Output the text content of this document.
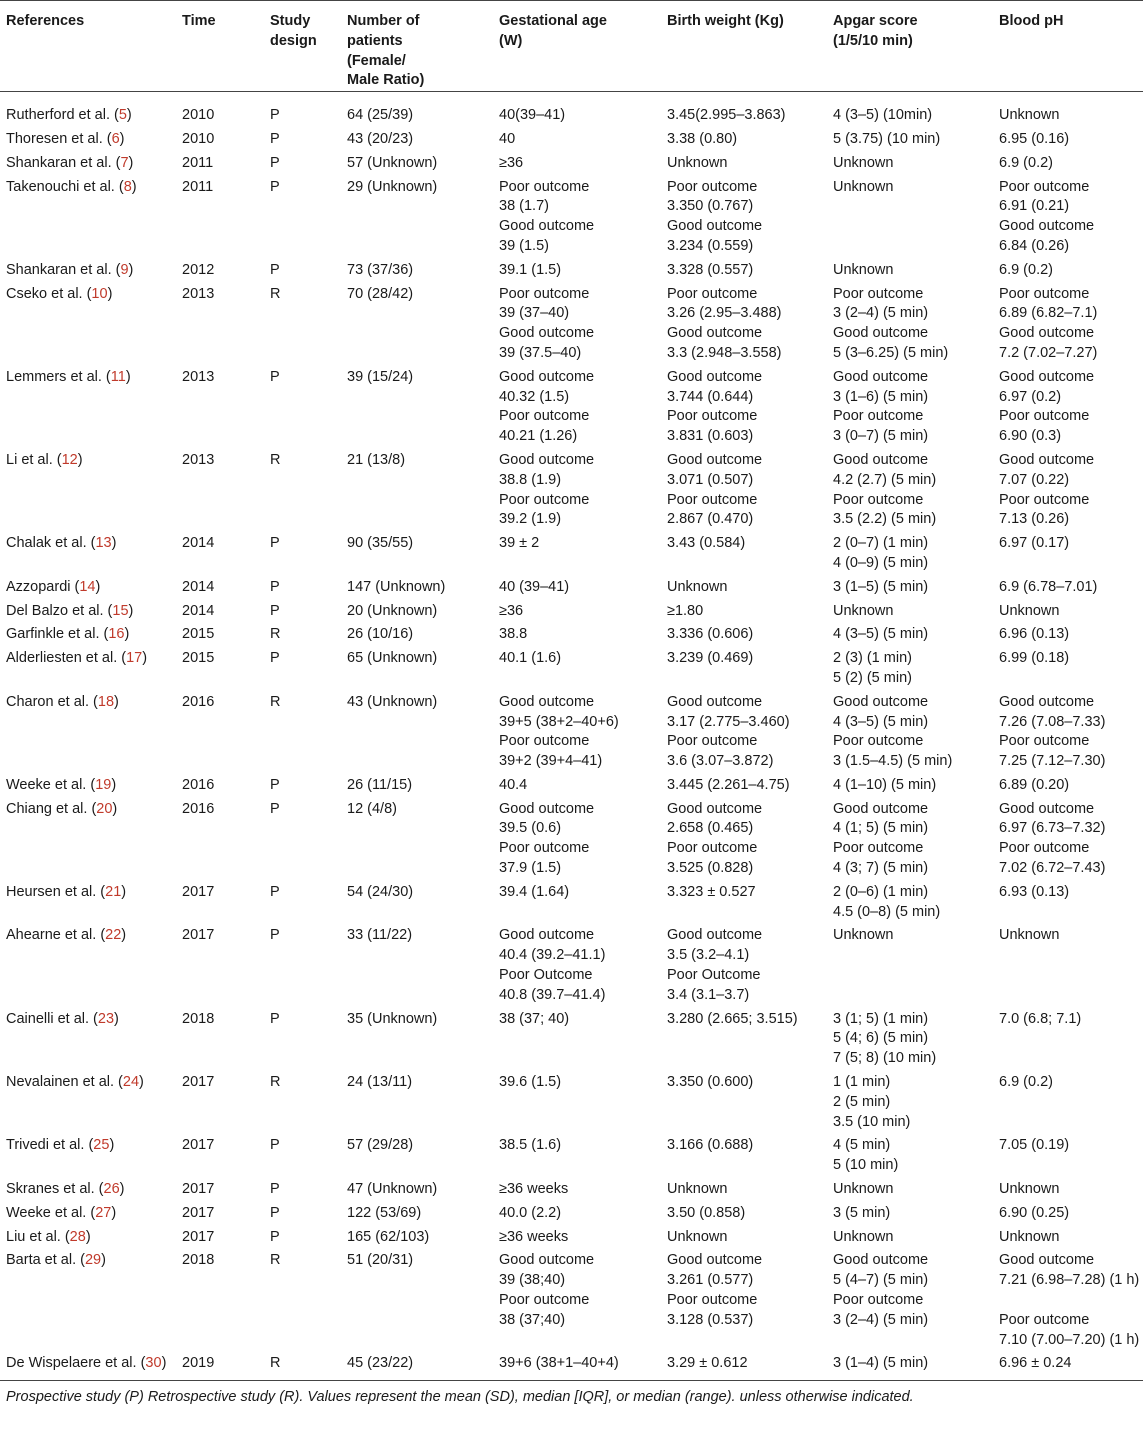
References	Time	Study
design	Number of
patients
(Female/
Male Ratio)	Gestational age
(W)	Birth weight (Kg)	Apgar score
(1/5/10 min)	Blood pH

Rutherford et al. (5)	2010	P	64 (25/39)	40(39–41)	3.45(2.995–3.863)	4 (3–5) (10min)	Unknown

Thoresen et al. (6)	2010	P	43 (20/23)	40	3.38 (0.80)	5 (3.75) (10 min)	6.95 (0.16)

Shankaran et al. (7)	2011	P	57 (Unknown)	≥36	Unknown	Unknown	6.9 (0.2)

Takenouchi et al. (8)	2011	P	29 (Unknown)	Poor outcome
38 (1.7)
Good outcome
39 (1.5)	Poor outcome
3.350 (0.767)
Good outcome
3.234 (0.559)	Unknown	Poor outcome
6.91 (0.21)
Good outcome
6.84 (0.26)

Shankaran et al. (9)	2012	P	73 (37/36)	39.1 (1.5)	3.328 (0.557)	Unknown	6.9 (0.2)

Cseko et al. (10)	2013	R	70 (28/42)	Poor outcome
39 (37–40)
Good outcome
39 (37.5–40)	Poor outcome
3.26 (2.95–3.488)
Good outcome
3.3 (2.948–3.558)	Poor outcome
3 (2–4) (5 min)
Good outcome
5 (3–6.25) (5 min)	Poor outcome
6.89 (6.82–7.1)
Good outcome
7.2 (7.02–7.27)

Lemmers et al. (11)	2013	P	39 (15/24)	Good outcome
40.32 (1.5)
Poor outcome
40.21 (1.26)	Good outcome
3.744 (0.644)
Poor outcome
3.831 (0.603)	Good outcome
3 (1–6) (5 min)
Poor outcome
3 (0–7) (5 min)	Good outcome
6.97 (0.2)
Poor outcome
6.90 (0.3)

Li et al. (12)	2013	R	21 (13/8)	Good outcome
38.8 (1.9)
Poor outcome
39.2 (1.9)	Good outcome
3.071 (0.507)
Poor outcome
2.867 (0.470)	Good outcome
4.2 (2.7) (5 min)
Poor outcome
3.5 (2.2) (5 min)	Good outcome
7.07 (0.22)
Poor outcome
7.13 (0.26)

Chalak et al. (13)	2014	P	90 (35/55)	39 ± 2	3.43 (0.584)	2 (0–7) (1 min)
4 (0–9) (5 min)	6.97 (0.17)

Azzopardi (14)	2014	P	147 (Unknown)	40 (39–41)	Unknown	3 (1–5) (5 min)	6.9 (6.78–7.01)

Del Balzo et al. (15)	2014	P	20 (Unknown)	≥36	≥1.80	Unknown	Unknown

Garfinkle et al. (16)	2015	R	26 (10/16)	38.8	3.336 (0.606)	4 (3–5) (5 min)	6.96 (0.13)

Alderliesten et al. (17)	2015	P	65 (Unknown)	40.1 (1.6)	3.239 (0.469)	2 (3) (1 min)
5 (2) (5 min)	6.99 (0.18)

Charon et al. (18)	2016	R	43 (Unknown)	Good outcome
39+5 (38+2–40+6)
Poor outcome
39+2 (39+4–41)	Good outcome
3.17 (2.775–3.460)
Poor outcome
3.6 (3.07–3.872)	Good outcome
4 (3–5) (5 min)
Poor outcome
3 (1.5–4.5) (5 min)	Good outcome
7.26 (7.08–7.33)
Poor outcome
7.25 (7.12–7.30)

Weeke et al. (19)	2016	P	26 (11/15)	40.4	3.445 (2.261–4.75)	4 (1–10) (5 min)	6.89 (0.20)

Chiang et al. (20)	2016	P	12 (4/8)	Good outcome
39.5 (0.6)
Poor outcome
37.9 (1.5)	Good outcome
2.658 (0.465)
Poor outcome
3.525 (0.828)	Good outcome
4 (1; 5) (5 min)
Poor outcome
4 (3; 7) (5 min)	Good outcome
6.97 (6.73–7.32)
Poor outcome
7.02 (6.72–7.43)

Heursen et al. (21)	2017	P	54 (24/30)	39.4 (1.64)	3.323 ± 0.527	2 (0–6) (1 min)
4.5 (0–8) (5 min)	6.93 (0.13)

Ahearne et al. (22)	2017	P	33 (11/22)	Good outcome
40.4 (39.2–41.1)
Poor Outcome
40.8 (39.7–41.4)	Good outcome
3.5 (3.2–4.1)
Poor Outcome
3.4 (3.1–3.7)	Unknown	Unknown

Cainelli et al. (23)	2018	P	35 (Unknown)	38 (37; 40)	3.280 (2.665; 3.515)	3 (1; 5) (1 min)
5 (4; 6) (5 min)
7 (5; 8) (10 min)	7.0 (6.8; 7.1)

Nevalainen et al. (24)	2017	R	24 (13/11)	39.6 (1.5)	3.350 (0.600)	1 (1 min)
2 (5 min)
3.5 (10 min)	6.9 (0.2)

Trivedi et al. (25)	2017	P	57 (29/28)	38.5 (1.6)	3.166 (0.688)	4 (5 min)
5 (10 min)	7.05 (0.19)

Skranes et al. (26)	2017	P	47 (Unknown)	≥36 weeks	Unknown	Unknown	Unknown

Weeke et al. (27)	2017	P	122 (53/69)	40.0 (2.2)	3.50 (0.858)	3 (5 min)	6.90 (0.25)

Liu et al. (28)	2017	P	165 (62/103)	≥36 weeks	Unknown	Unknown	Unknown

Barta et al. (29)	2018	R	51 (20/31)	Good outcome
39 (38;40)
Poor outcome
38 (37;40)	Good outcome
3.261 (0.577)
Poor outcome
3.128 (0.537)	Good outcome
5 (4–7) (5 min)
Poor outcome
3 (2–4) (5 min)	Good outcome
7.21 (6.98–7.28) (1 h)

Poor outcome
7.10 (7.00–7.20) (1 h)

De Wispelaere et al. (30)	2019	R	45 (23/22)	39+6 (38+1–40+4)	3.29 ± 0.612	3 (1–4) (5 min)	6.96 ± 0.24
Prospective study (P) Retrospective study (R). Values represent the mean (SD), median [IQR], or median (range). unless otherwise indicated.
